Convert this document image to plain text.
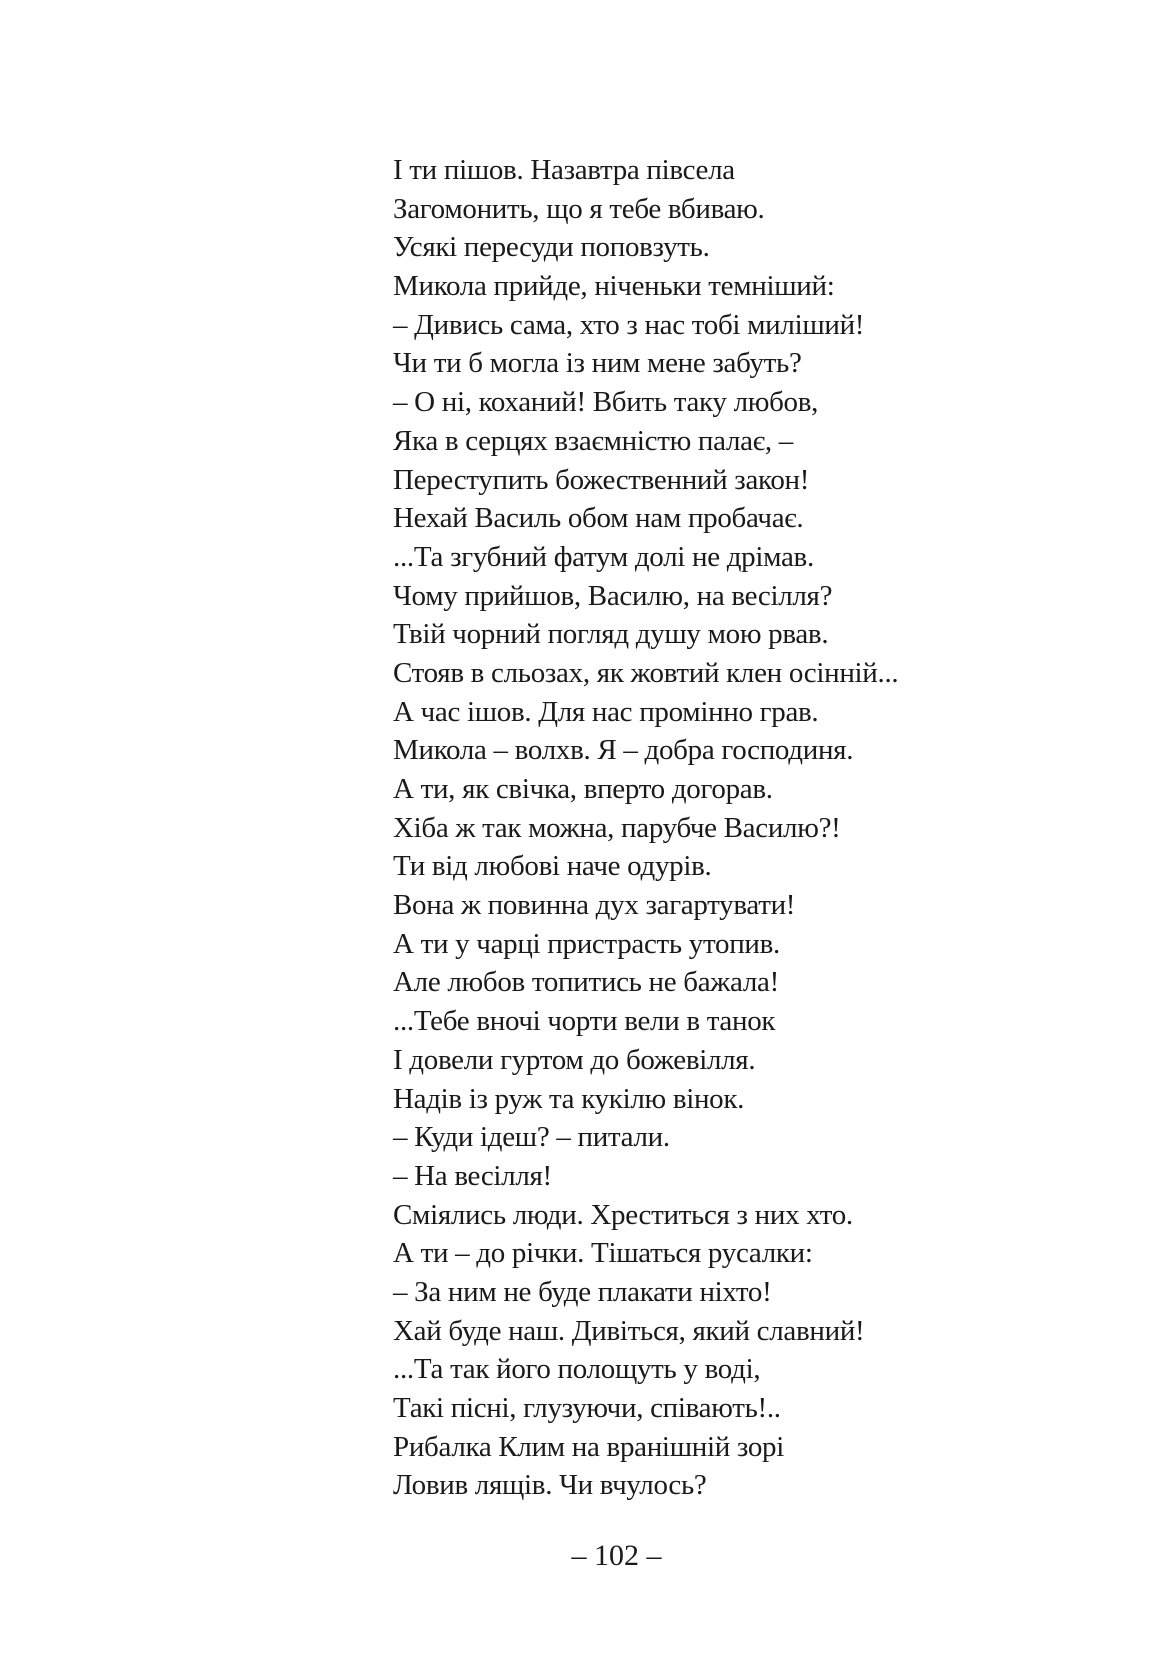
І ти пішов. Назавтра півсела
Загомонить, що я тебе вбиваю.
Усякі пересуди поповзуть.
Микола прийде, ніченьки темніший:
– Дивись сама, хто з нас тобі миліший!
Чи ти б могла із ним мене забуть?
– О ні, коханий! Вбить таку любов,
Яка в серцях взаємністю палає, –
Переступить божественний закон!
Нехай Василь обом нам пробачає.
...Та згубний фатум долі не дрімав.
Чому прийшов, Василю, на весілля?
Твій чорний погляд душу мою рвав.
Стояв в сльозах, як жовтий клен осінній...
А час ішов. Для нас промінно грав.
Микола – волхв. Я – добра господиня.
А ти, як свічка, вперто догорав.
Хіба ж так можна, парубче Василю?!
Ти від любові наче одурів.
Вона ж повинна дух загартувати!
А ти у чарці пристрасть утопив.
Але любов топитись не бажала!
...Тебе вночі чорти вели в танок
І довели гуртом до божевілля.
Надів із руж та кукілю вінок.
– Куди ідеш? – питали.
– На весілля!
Сміялись люди. Хреститься з них хто.
А ти – до річки. Тішаться русалки:
– За ним не буде плакати ніхто!
Хай буде наш. Дивіться, який славний!
...Та так його полощуть у воді,
Такі пісні, глузуючи, співають!..
Рибалка Клим на вранішній зорі
Ловив лящів. Чи вчулось?
– 102 –
